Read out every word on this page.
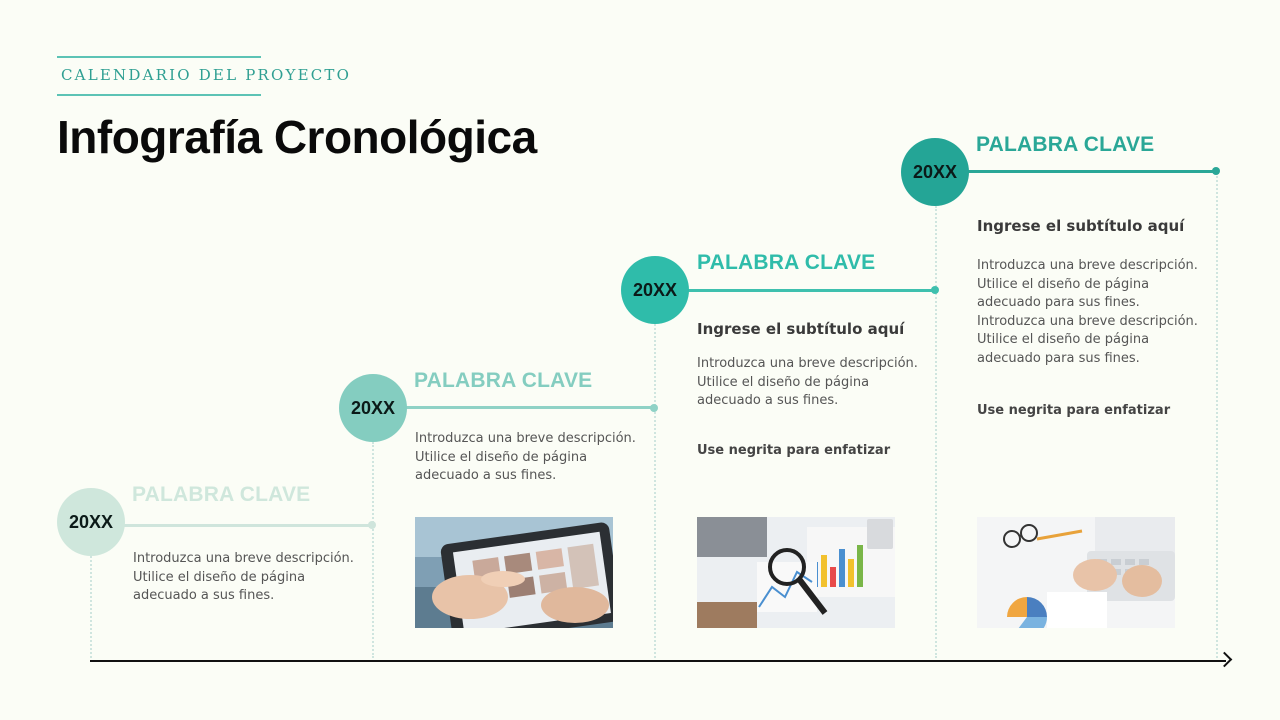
CALENDARIO DEL PROYECTO
Infografía Cronológica
20XX
PALABRA CLAVE
Introduzca una breve descripción.
Utilice el diseño de página
adecuado a sus fines.
20XX
PALABRA CLAVE
Introduzca una breve descripción.
Utilice el diseño de página
adecuado a sus fines.
20XX
PALABRA CLAVE
Ingrese el subtítulo aquí
Introduzca una breve descripción.
Utilice el diseño de página
adecuado a sus fines.
Use negrita para enfatizar
20XX
PALABRA CLAVE
Ingrese el subtítulo aquí
Introduzca una breve descripción.
Utilice el diseño de página
adecuado para sus fines.
Introduzca una breve descripción.
Utilice el diseño de página
adecuado para sus fines.
Use negrita para enfatizar
